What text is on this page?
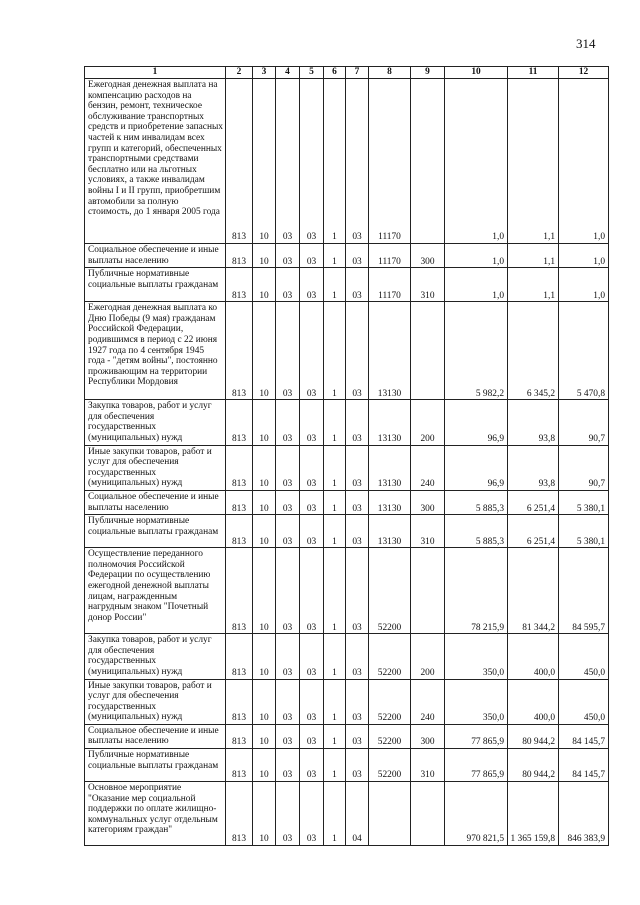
314
1	2	3	4	5	6	7	8	9	10	11	12
Ежегодная денежная выплата на компенсацию расходов на бензин, ремонт, техническое обслуживание транспортных средств и приобретение запасных частей к ним инвалидам всех групп и категорий, обеспеченных транспортными средствами бесплатно или на льготных условиях, а также инвалидам войны I и II групп, приобретшим автомобили за полную стоимость, до 1 января 2005 года	813	10	03	03	1	03	11170		1,0	1,1	1,0
Социальное обеспечение и иные выплаты населению	813	10	03	03	1	03	11170	300	1,0	1,1	1,0
Публичные нормативные социальные выплаты гражданам	813	10	03	03	1	03	11170	310	1,0	1,1	1,0
Ежегодная денежная выплата ко Дню Победы (9 мая) гражданам Российской Федерации, родившимся в период с 22 июня 1927 года по 4 сентября 1945 года - "детям войны", постоянно проживающим на территории Республики Мордовия	813	10	03	03	1	03	13130		5 982,2	6 345,2	5 470,8
Закупка товаров, работ и услуг для обеспечения государственных (муниципальных) нужд	813	10	03	03	1	03	13130	200	96,9	93,8	90,7
Иные закупки товаров, работ и услуг для обеспечения государственных (муниципальных) нужд	813	10	03	03	1	03	13130	240	96,9	93,8	90,7
Социальное обеспечение и иные выплаты населению	813	10	03	03	1	03	13130	300	5 885,3	6 251,4	5 380,1
Публичные нормативные социальные выплаты гражданам	813	10	03	03	1	03	13130	310	5 885,3	6 251,4	5 380,1
Осуществление переданного полномочия Российской Федерации по осуществлению ежегодной денежной выплаты лицам, награжденным нагрудным знаком "Почетный донор России"	813	10	03	03	1	03	52200		78 215,9	81 344,2	84 595,7
Закупка товаров, работ и услуг для обеспечения государственных (муниципальных) нужд	813	10	03	03	1	03	52200	200	350,0	400,0	450,0
Иные закупки товаров, работ и услуг для обеспечения государственных (муниципальных) нужд	813	10	03	03	1	03	52200	240	350,0	400,0	450,0
Социальное обеспечение и иные выплаты населению	813	10	03	03	1	03	52200	300	77 865,9	80 944,2	84 145,7
Публичные нормативные социальные выплаты гражданам	813	10	03	03	1	03	52200	310	77 865,9	80 944,2	84 145,7
Основное мероприятие "Оказание мер социальной поддержки по оплате жилищно-коммунальных услуг отдельным категориям граждан"	813	10	03	03	1	04			970 821,5	1 365 159,8	846 383,9
